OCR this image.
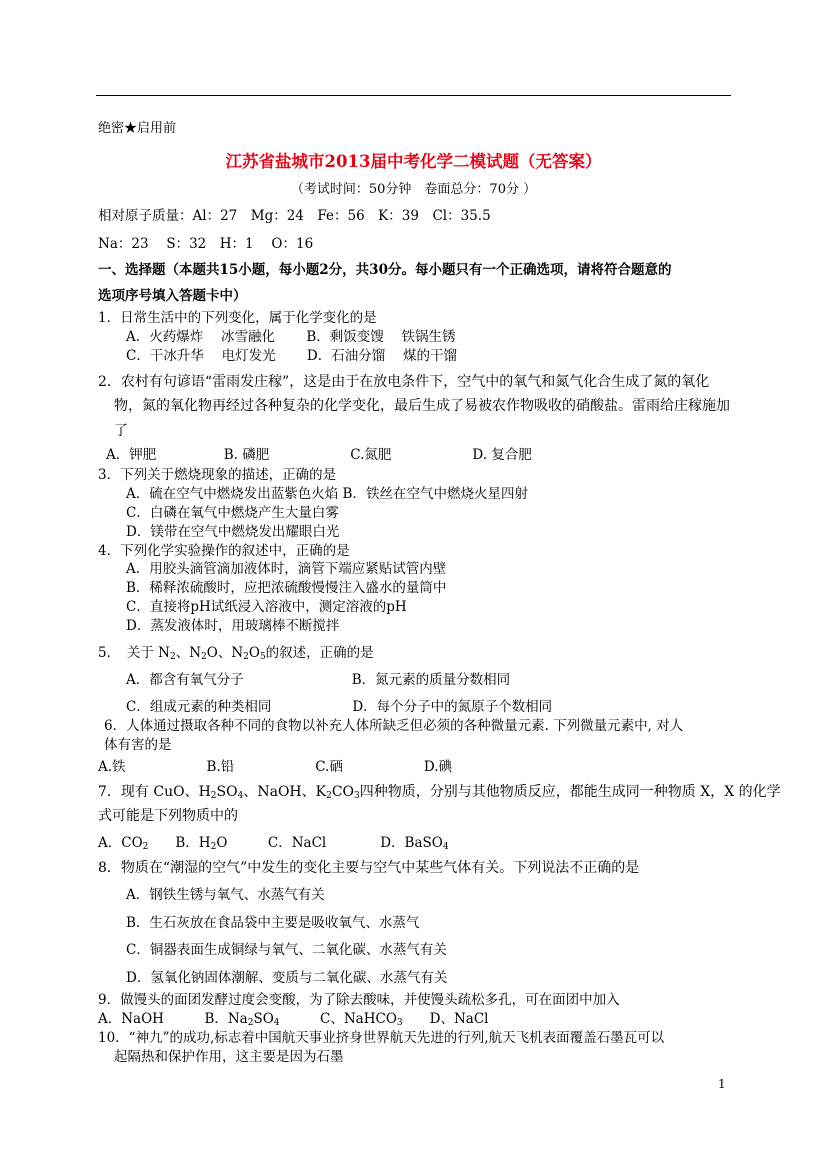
绝密★启用前
江苏省盐城市2013届中考化学二模试题（无答案）
（考试时间：50分钟　卷面总分：70分 ）
相对原子质量：Al：27　Mg：24　Fe：56　K：39　Cl：35.5
Na：23　 S：32　H：1　 O：16
一、选择题（本题共15小题，每小题2分，共30分。每小题只有一个正确选项，请将符合题意的
选项序号填入答题卡中）
1．日常生活中的下列变化，属于化学变化的是
A．火药爆炸　 冰雪融化　　 B．剩饭变馊　 铁锅生锈
C．干冰升华　 电灯发光　　 D．石油分馏　 煤的干馏
2．农村有句谚语“雷雨发庄稼”，这是由于在放电条件下，空气中的氧气和氮气化合生成了氮的氧化
物，氮的氧化物再经过各种复杂的化学变化，最后生成了易被农作物吸收的硝酸盐。雷雨给庄稼施加
了
A．钾肥　　　　　B. 磷肥　　　　　　C.氮肥　　　　　　D. 复合肥
3．下列关于燃烧现象的描述，正确的是
A．硫在空气中燃烧发出蓝紫色火焰 B．铁丝在空气中燃烧火星四射
C．白磷在氧气中燃烧产生大量白雾
D．镁带在空气中燃烧发出耀眼白光
4．下列化学实验操作的叙述中，正确的是
A．用胶头滴管滴加液体时，滴管下端应紧贴试管内壁
B．稀释浓硫酸时，应把浓硫酸慢慢注入盛水的量筒中
C．直接将pH试纸浸入溶液中，测定溶液的pH
D．蒸发液体时，用玻璃棒不断搅拌
5．　关于 $N_2$、$N_2O$、$N_2O_5$的叙述，正确的是
A．都含有氧气分子　　　　　　　　B．氮元素的质量分数相同
C．组成元素的种类相同　　　　　　D．每个分子中的氮原子个数相同
6．人体通过摄取各种不同的食物以补充人体所缺乏但必须的各种微量元素. 下列微量元素中, 对人
体有害的是
A.铁　　　　　　B.铅　　　　　　C.硒　　　　　　D.碘
7．现有 CuO、$H_2SO_4$、NaOH、$K_2CO_3$四种物质，分别与其他物质反应，都能生成同一种物质 X，X 的化学
式可能是下列物质中的
A．$CO_2$　　B．$H_2O$　　　C．NaCl　　　　D．BaSO$_4$
8．物质在“潮湿的空气”中发生的变化主要与空气中某些气体有关。下列说法不正确的是
A．钢铁生锈与氧气、水蒸气有关
B．生石灰放在食品袋中主要是吸收氧气、水蒸气
C．铜器表面生成铜绿与氧气、二氧化碳、水蒸气有关
D．氢氧化钠固体潮解、变质与二氧化碳、水蒸气有关
9．做馒头的面团发酵过度会变酸，为了除去酸味，并使馒头疏松多孔，可在面团中加入
A．NaOH　　　B．$Na_2SO_4$　　　C、NaHCO$_3$　　D、NaCl
10．“神九”的成功,标志着中国航天事业挤身世界航天先进的行列,航天飞机表面覆盖石墨瓦可以
起隔热和保护作用，这主要是因为石墨
1
